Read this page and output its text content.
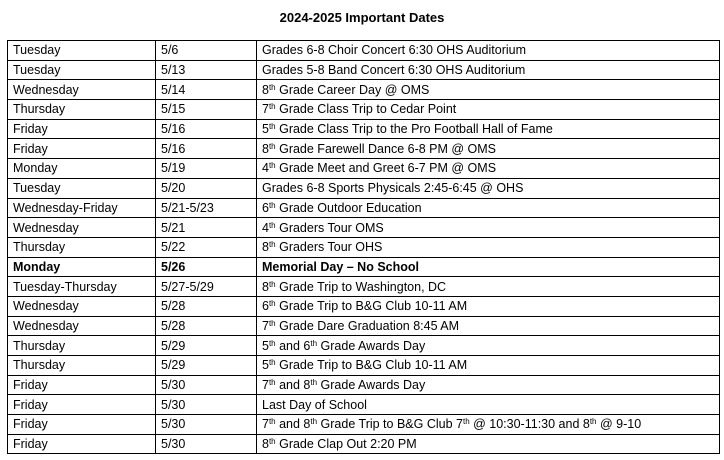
2024-2025 Important Dates
Tuesday	5/6	Grades 6-8 Choir Concert 6:30 OHS Auditorium
Tuesday	5/13	Grades 5-8 Band Concert 6:30 OHS Auditorium
Wednesday	5/14	8th Grade Career Day @ OMS
Thursday	5/15	7th Grade Class Trip to Cedar Point
Friday	5/16	5th Grade Class Trip to the Pro Football Hall of Fame
Friday	5/16	8th Grade Farewell Dance 6-8 PM @ OMS
Monday	5/19	4th Grade Meet and Greet 6-7 PM @ OMS
Tuesday	5/20	Grades 6-8 Sports Physicals 2:45-6:45 @ OHS
Wednesday-Friday	5/21-5/23	6th Grade Outdoor Education
Wednesday	5/21	4th Graders Tour OMS
Thursday	5/22	8th Graders Tour OHS
Monday	5/26	Memorial Day – No School
Tuesday-Thursday	5/27-5/29	8th Grade Trip to Washington, DC
Wednesday	5/28	6th Grade Trip to B&G Club 10-11 AM
Wednesday	5/28	7th Grade Dare Graduation 8:45 AM
Thursday	5/29	5th and 6th Grade Awards Day
Thursday	5/29	5th Grade Trip to B&G Club 10-11 AM
Friday	5/30	7th and 8th Grade Awards Day
Friday	5/30	Last Day of School
Friday	5/30	7th and 8th Grade Trip to B&G Club 7th @ 10:30-11:30 and 8th @ 9-10
Friday	5/30	8th Grade Clap Out 2:20 PM
